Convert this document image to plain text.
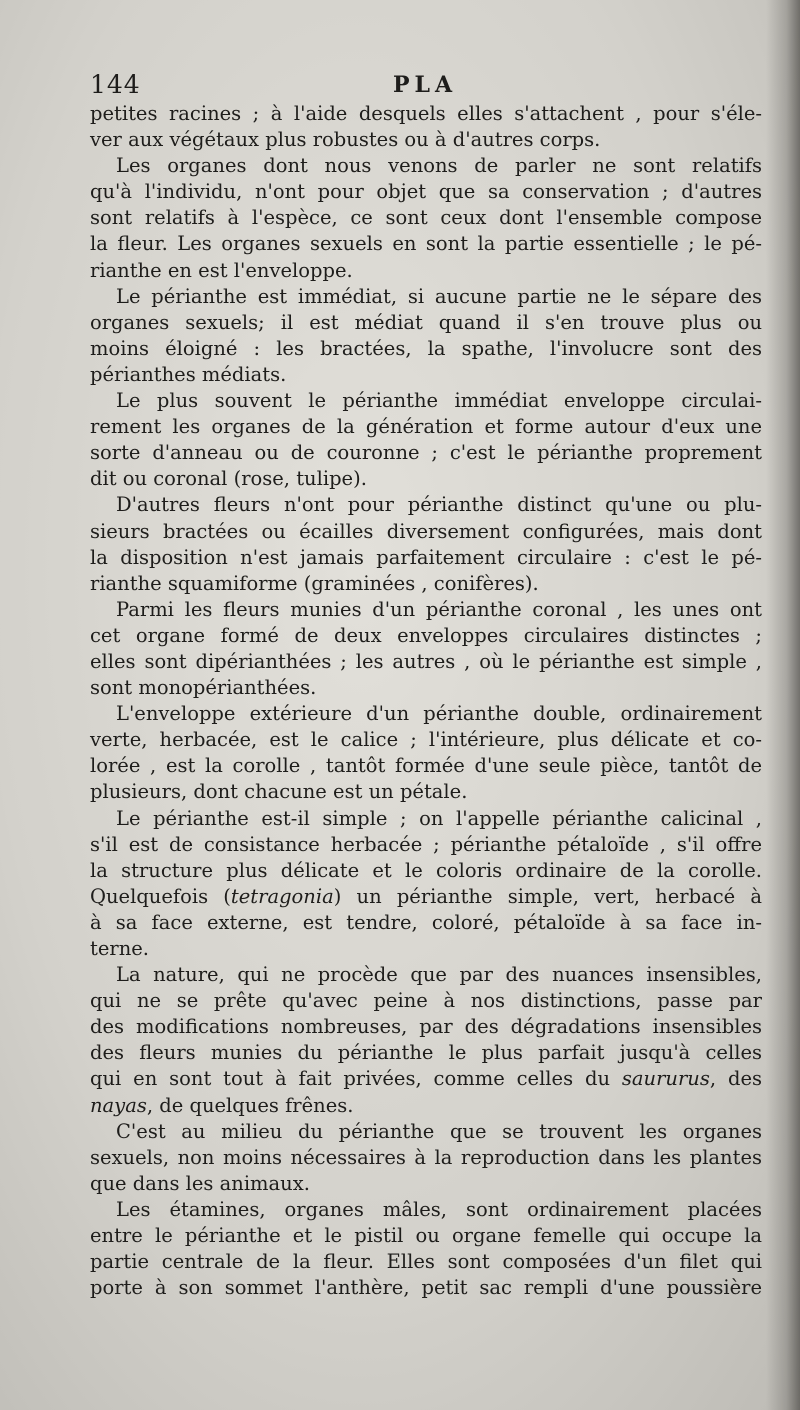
144	PLA
petites racines ; à l'aide desquels elles s'attachent , pour s'éle-
ver aux végétaux plus robustes ou à d'autres corps.
Les organes dont nous venons de parler ne sont relatifs
qu'à l'individu, n'ont pour objet que sa conservation ; d'autres
sont relatifs à l'espèce, ce sont ceux dont l'ensemble compose
la fleur. Les organes sexuels en sont la partie essentielle ; le pé-
rianthe en est l'enveloppe.
Le périanthe est immédiat, si aucune partie ne le sépare des
organes sexuels; il est médiat quand il s'en trouve plus ou
moins éloigné : les bractées, la spathe, l'involucre sont des
périanthes médiats.
Le plus souvent le périanthe immédiat enveloppe circulai-
rement les organes de la génération et forme autour d'eux une
sorte d'anneau ou de couronne ; c'est le périanthe proprement
dit ou coronal (rose, tulipe).
D'autres fleurs n'ont pour périanthe distinct qu'une ou plu-
sieurs bractées ou écailles diversement configurées, mais dont
la disposition n'est jamais parfaitement circulaire : c'est le pé-
rianthe squamiforme (graminées , conifères).
Parmi les fleurs munies d'un périanthe coronal , les unes ont
cet organe formé de deux enveloppes circulaires distinctes ;
elles sont dipérianthées ; les autres , où le périanthe est simple ,
sont monopérianthées.
L'enveloppe extérieure d'un périanthe double, ordinairement
verte, herbacée, est le calice ; l'intérieure, plus délicate et co-
lorée , est la corolle , tantôt formée d'une seule pièce, tantôt de
plusieurs, dont chacune est un pétale.
Le périanthe est-il simple ; on l'appelle périanthe calicinal ,
s'il est de consistance herbacée ; périanthe pétaloïde , s'il offre
la structure plus délicate et le coloris ordinaire de la corolle.
Quelquefois (tetragonia) un périanthe simple, vert, herbacé à
à sa face externe, est tendre, coloré, pétaloïde à sa face in-
terne.
La nature, qui ne procède que par des nuances insensibles,
qui ne se prête qu'avec peine à nos distinctions, passe par
des modifications nombreuses, par des dégradations insensibles
des fleurs munies du périanthe le plus parfait jusqu'à celles
qui en sont tout à fait privées, comme celles du saururus, des
nayas, de quelques frênes.
C'est au milieu du périanthe que se trouvent les organes
sexuels, non moins nécessaires à la reproduction dans les plantes
que dans les animaux.
Les étamines, organes mâles, sont ordinairement placées
entre le périanthe et le pistil ou organe femelle qui occupe la
partie centrale de la fleur. Elles sont composées d'un filet qui
porte à son sommet l'anthère, petit sac rempli d'une poussière
